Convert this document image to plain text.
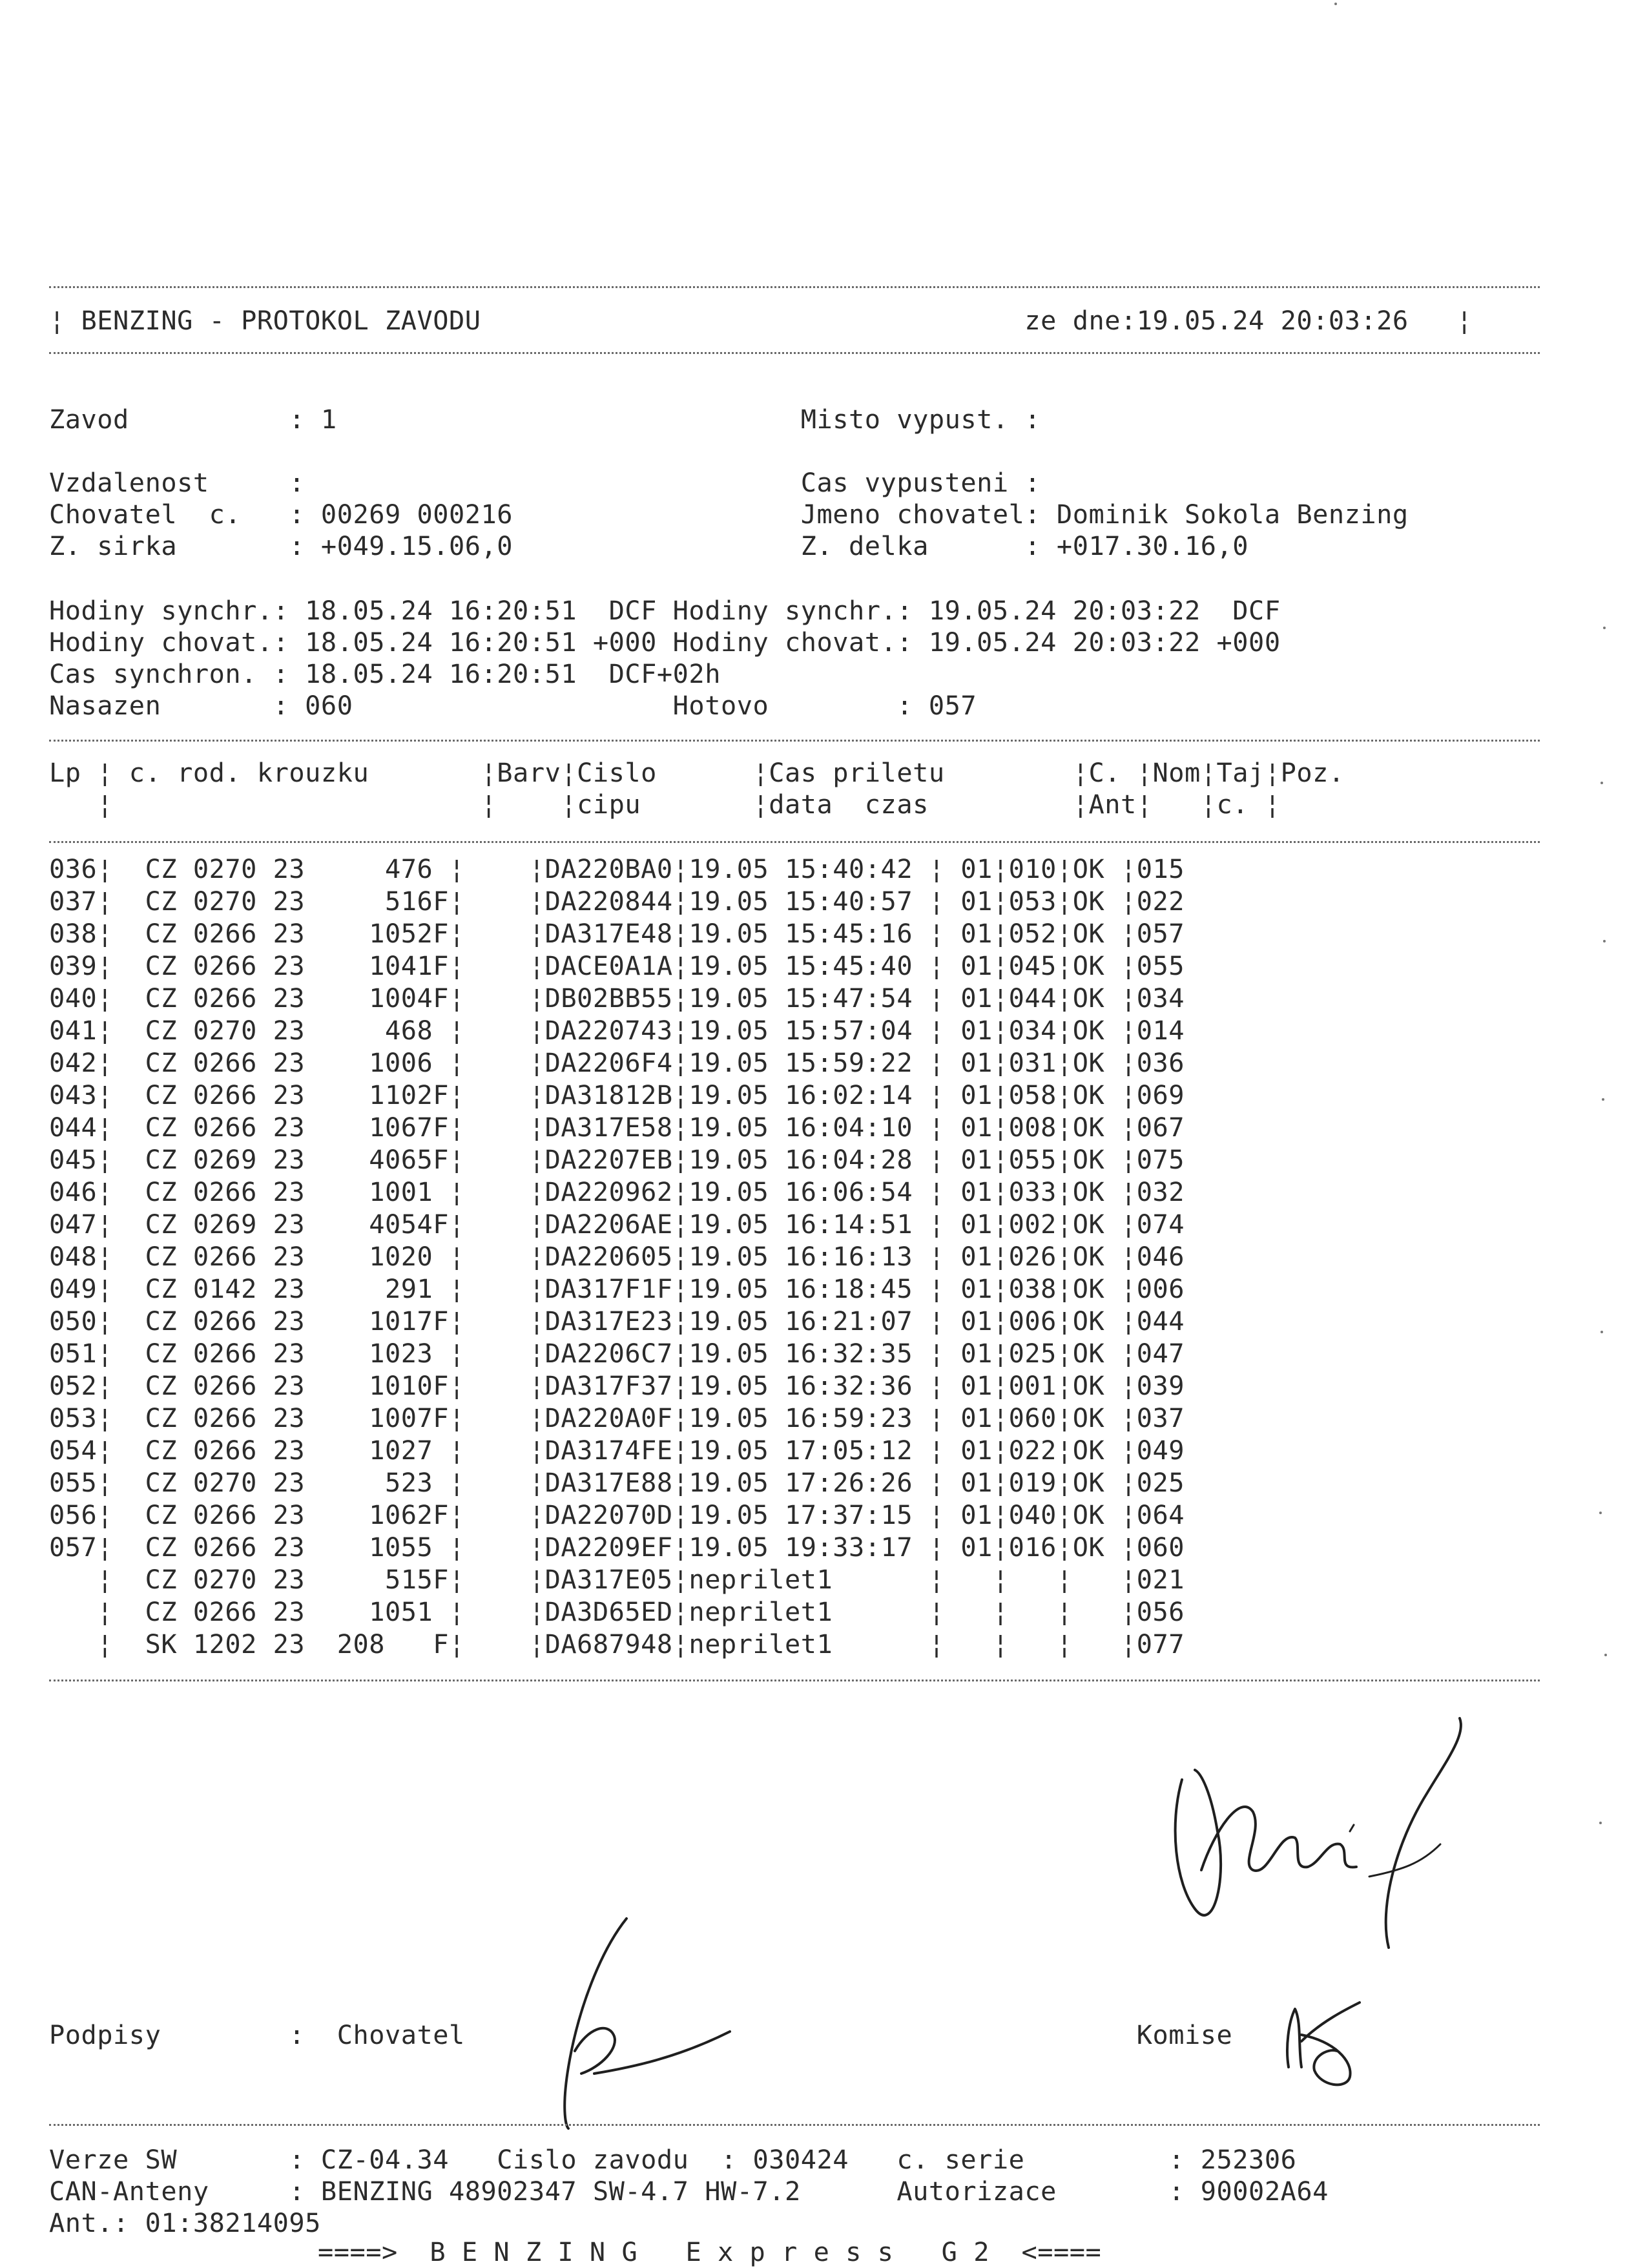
¦ BENZING - PROTOKOL ZAVODU                                  ze dne:19.05.24 20:03:26   ¦
Zavod          : 1                             Misto vypust. :
Vzdalenost     :                               Cas vypusteni :
Chovatel  c.   : 00269 000216                  Jmeno chovatel: Dominik Sokola Benzing
Z. sirka       : +049.15.06,0                  Z. delka      : +017.30.16,0
Hodiny synchr.: 18.05.24 16:20:51  DCF Hodiny synchr.: 19.05.24 20:03:22  DCF
Hodiny chovat.: 18.05.24 16:20:51 +000 Hodiny chovat.: 19.05.24 20:03:22 +000
Cas synchron. : 18.05.24 16:20:51  DCF+02h
Nasazen       : 060                    Hotovo        : 057
Lp ¦ c. rod. krouzku       ¦Barv¦Cislo      ¦Cas priletu        ¦C. ¦Nom¦Taj¦Poz.
¦                       ¦    ¦cipu       ¦data  czas         ¦Ant¦   ¦c. ¦
036¦  CZ 0270 23     476 ¦    ¦DA220BA0¦19.05 15:40:42 ¦ 01¦010¦OK ¦015
037¦  CZ 0270 23     516F¦    ¦DA220844¦19.05 15:40:57 ¦ 01¦053¦OK ¦022
038¦  CZ 0266 23    1052F¦    ¦DA317E48¦19.05 15:45:16 ¦ 01¦052¦OK ¦057
039¦  CZ 0266 23    1041F¦    ¦DACE0A1A¦19.05 15:45:40 ¦ 01¦045¦OK ¦055
040¦  CZ 0266 23    1004F¦    ¦DB02BB55¦19.05 15:47:54 ¦ 01¦044¦OK ¦034
041¦  CZ 0270 23     468 ¦    ¦DA220743¦19.05 15:57:04 ¦ 01¦034¦OK ¦014
042¦  CZ 0266 23    1006 ¦    ¦DA2206F4¦19.05 15:59:22 ¦ 01¦031¦OK ¦036
043¦  CZ 0266 23    1102F¦    ¦DA31812B¦19.05 16:02:14 ¦ 01¦058¦OK ¦069
044¦  CZ 0266 23    1067F¦    ¦DA317E58¦19.05 16:04:10 ¦ 01¦008¦OK ¦067
045¦  CZ 0269 23    4065F¦    ¦DA2207EB¦19.05 16:04:28 ¦ 01¦055¦OK ¦075
046¦  CZ 0266 23    1001 ¦    ¦DA220962¦19.05 16:06:54 ¦ 01¦033¦OK ¦032
047¦  CZ 0269 23    4054F¦    ¦DA2206AE¦19.05 16:14:51 ¦ 01¦002¦OK ¦074
048¦  CZ 0266 23    1020 ¦    ¦DA220605¦19.05 16:16:13 ¦ 01¦026¦OK ¦046
049¦  CZ 0142 23     291 ¦    ¦DA317F1F¦19.05 16:18:45 ¦ 01¦038¦OK ¦006
050¦  CZ 0266 23    1017F¦    ¦DA317E23¦19.05 16:21:07 ¦ 01¦006¦OK ¦044
051¦  CZ 0266 23    1023 ¦    ¦DA2206C7¦19.05 16:32:35 ¦ 01¦025¦OK ¦047
052¦  CZ 0266 23    1010F¦    ¦DA317F37¦19.05 16:32:36 ¦ 01¦001¦OK ¦039
053¦  CZ 0266 23    1007F¦    ¦DA220A0F¦19.05 16:59:23 ¦ 01¦060¦OK ¦037
054¦  CZ 0266 23    1027 ¦    ¦DA3174FE¦19.05 17:05:12 ¦ 01¦022¦OK ¦049
055¦  CZ 0270 23     523 ¦    ¦DA317E88¦19.05 17:26:26 ¦ 01¦019¦OK ¦025
056¦  CZ 0266 23    1062F¦    ¦DA22070D¦19.05 17:37:15 ¦ 01¦040¦OK ¦064
057¦  CZ 0266 23    1055 ¦    ¦DA2209EF¦19.05 19:33:17 ¦ 01¦016¦OK ¦060
¦  CZ 0270 23     515F¦    ¦DA317E05¦neprilet1      ¦   ¦   ¦   ¦021
¦  CZ 0266 23    1051 ¦    ¦DA3D65ED¦neprilet1      ¦   ¦   ¦   ¦056
¦  SK 1202 23  208   F¦    ¦DA687948¦neprilet1      ¦   ¦   ¦   ¦077
Podpisy        :  Chovatel                                          Komise
Verze SW       : CZ-04.34   Cislo zavodu  : 030424   c. serie         : 252306
CAN-Anteny     : BENZING 48902347 SW-4.7 HW-7.2      Autorizace       : 90002A64
Ant.: 01:38214095
====>  B E N Z I N G   E x p r e s s   G 2  <====
